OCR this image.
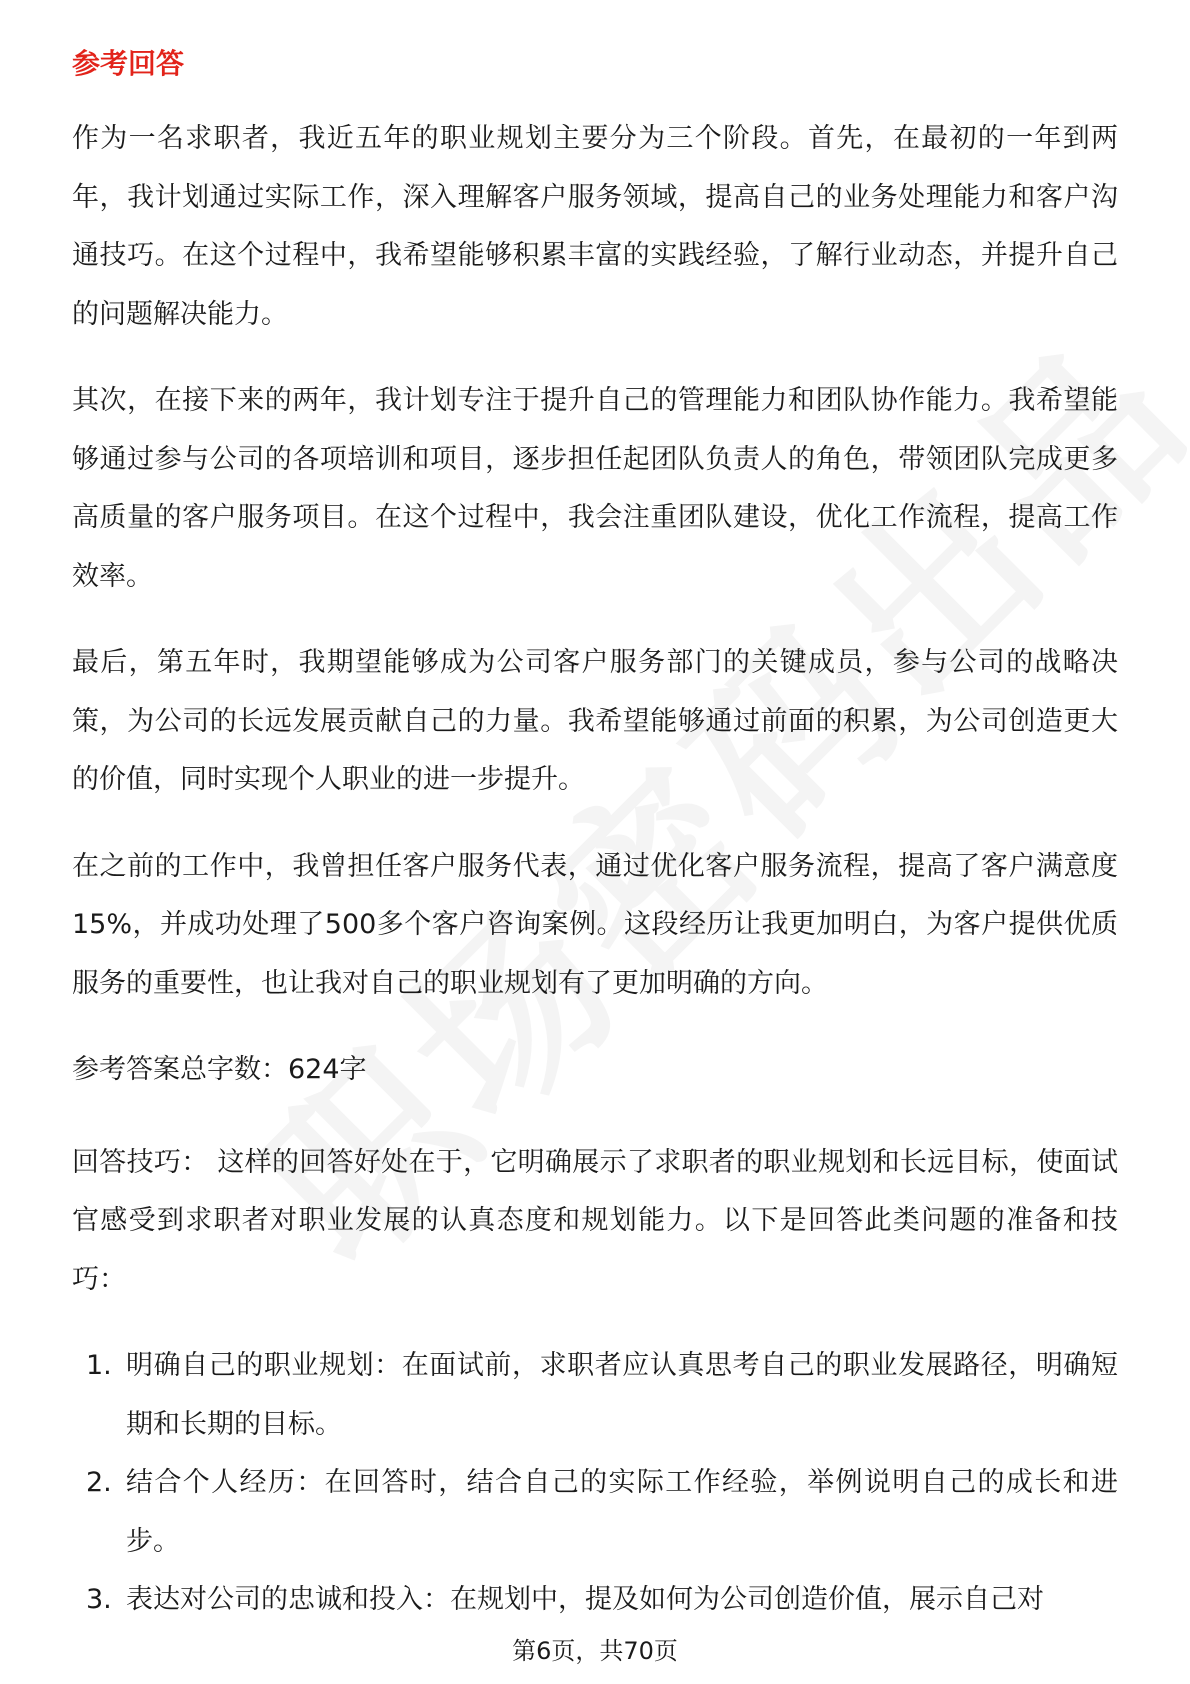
参考回答

作为一名求职者，我近五年的职业规划主要分为三个阶段。首先，在最初的一年到两年，我计划通过实际工作，深入理解客户服务领域，提高自己的业务处理能力和客户沟通技巧。在这个过程中，我希望能够积累丰富的实践经验，了解行业动态，并提升自己的问题解决能力。

其次，在接下来的两年，我计划专注于提升自己的管理能力和团队协作能力。我希望能够通过参与公司的各项培训和项目，逐步担任起团队负责人的角色，带领团队完成更多高质量的客户服务项目。在这个过程中，我会注重团队建设，优化工作流程，提高工作效率。

最后，第五年时，我期望能够成为公司客户服务部门的关键成员，参与公司的战略决策，为公司的长远发展贡献自己的力量。我希望能够通过前面的积累，为公司创造更大的价值，同时实现个人职业的进一步提升。

在之前的工作中，我曾担任客户服务代表，通过优化客户服务流程，提高了客户满意度15%，并成功处理了500多个客户咨询案例。这段经历让我更加明白，为客户提供优质服务的重要性，也让我对自己的职业规划有了更加明确的方向。

参考答案总字数：624字

回答技巧： 这样的回答好处在于，它明确展示了求职者的职业规划和长远目标，使面试官感受到求职者对职业发展的认真态度和规划能力。以下是回答此类问题的准备和技巧：

1. 明确自己的职业规划：在面试前，求职者应认真思考自己的职业发展路径，明确短期和长期的目标。
2. 结合个人经历：在回答时，结合自己的实际工作经验，举例说明自己的成长和进步。
3. 表达对公司的忠诚和投入：在规划中，提及如何为公司创造价值，展示自己对
第6页，共70页
